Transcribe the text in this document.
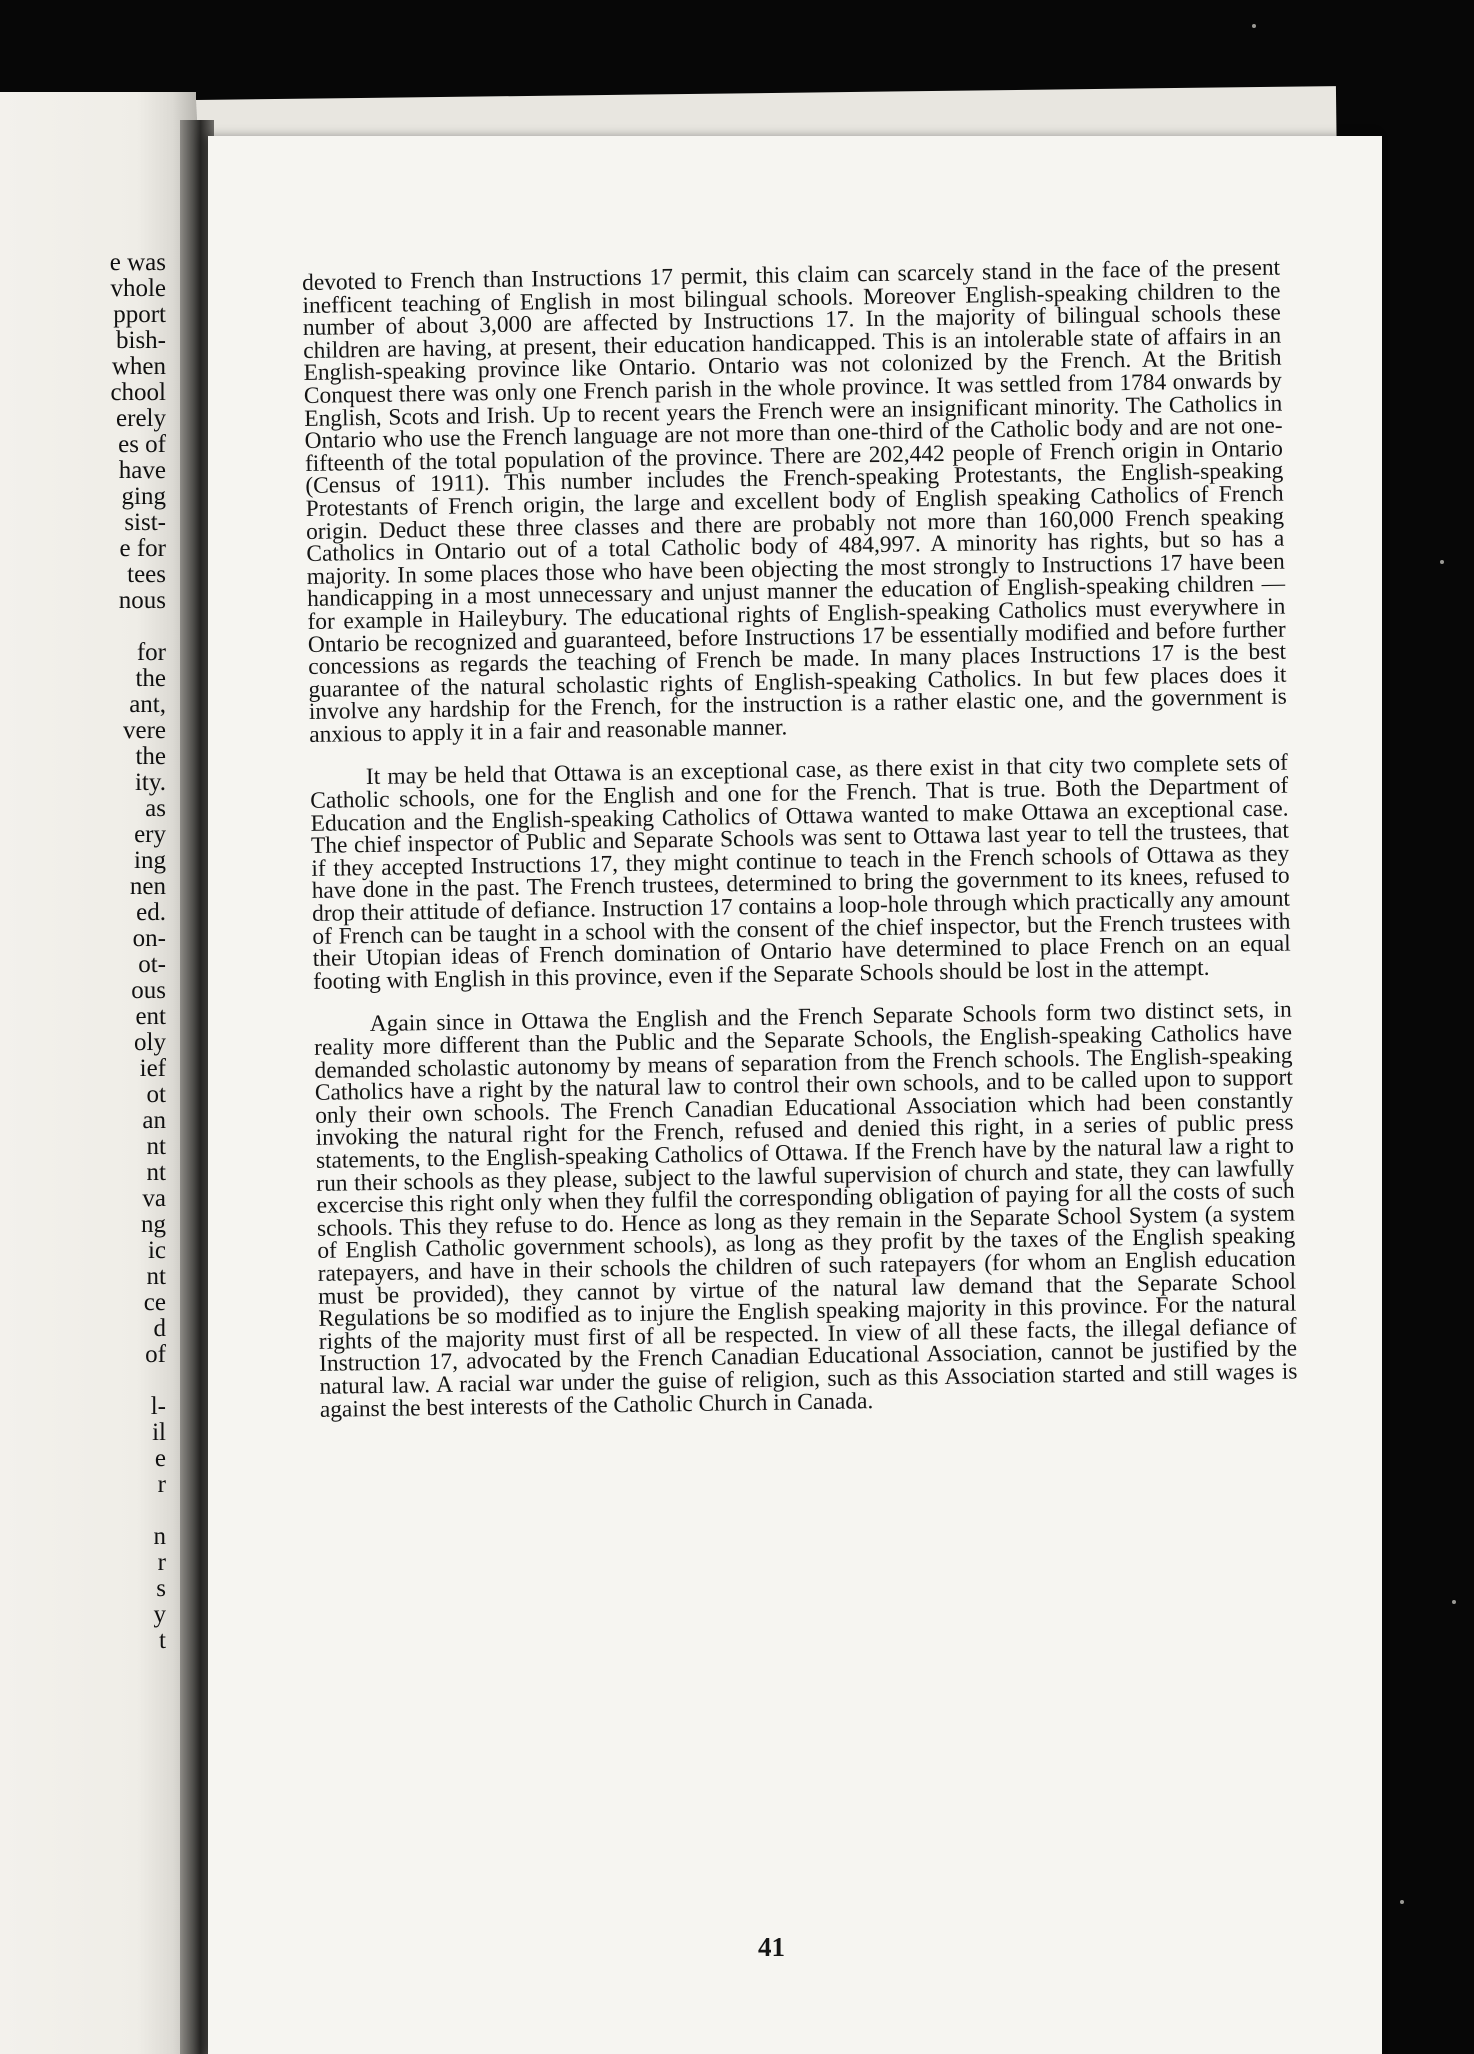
e was
vhole
pport
bish-
when
chool
erely
es of
have
ging
sist-
e for
tees
nous
for
the
ant,
vere
the
ity.
as
ery
ing
nen
ed.
on-
ot-
ous
ent
oly
ief
ot
an
nt
nt
va
ng
ic
nt
ce
d
of
l-
il
e
r
n
r
s
y
t

devoted to French than Instructions 17 permit, this claim can scarcely stand in the face of the present inefficent teaching of English in most bilingual schools. Moreover English-speaking children to the number of about 3,000 are affected by Instructions 17. In the majority of bilingual schools these children are having, at present, their education handicapped. This is an intolerable state of affairs in an English-speaking province like Ontario. Ontario was not colonized by the French. At the British Conquest there was only one French parish in the whole province. It was settled from 1784 onwards by English, Scots and Irish. Up to recent years the French were an insignificant minority. The Catholics in Ontario who use the French language are not more than one-third of the Catholic body and are not one-fifteenth of the total population of the province. There are 202,442 people of French origin in Ontario (Census of 1911). This number includes the French-speaking Protestants, the English-speaking Protestants of French origin, the large and excellent body of English speaking Catholics of French origin. Deduct these three classes and there are probably not more than 160,000 French speaking Catholics in Ontario out of a total Catholic body of 484,997. A minority has rights, but so has a majority. In some places those who have been objecting the most strongly to Instructions 17 have been handicapping in a most unnecessary and unjust manner the education of English-speaking children —for example in Haileybury. The educational rights of English-speaking Catholics must everywhere in Ontario be recognized and guaranteed, before Instructions 17 be essentially modified and before further concessions as regards the teaching of French be made. In many places Instructions 17 is the best guarantee of the natural scholastic rights of English-speaking Catholics. In but few places does it involve any hardship for the French, for the instruction is a rather elastic one, and the government is anxious to apply it in a fair and reasonable manner.

It may be held that Ottawa is an exceptional case, as there exist in that city two complete sets of Catholic schools, one for the English and one for the French. That is true. Both the Department of Education and the English-speaking Catholics of Ottawa wanted to make Ottawa an exceptional case. The chief inspector of Public and Separate Schools was sent to Ottawa last year to tell the trustees, that if they accepted Instructions 17, they might continue to teach in the French schools of Ottawa as they have done in the past. The French trustees, determined to bring the government to its knees, refused to drop their attitude of defiance. Instruction 17 contains a loop-hole through which practically any amount of French can be taught in a school with the consent of the chief inspector, but the French trustees with their Utopian ideas of French domination of Ontario have determined to place French on an equal footing with English in this province, even if the Separate Schools should be lost in the attempt.

Again since in Ottawa the English and the French Separate Schools form two distinct sets, in reality more different than the Public and the Separate Schools, the English-speaking Catholics have demanded scholastic autonomy by means of separation from the French schools. The English-speaking Catholics have a right by the natural law to control their own schools, and to be called upon to support only their own schools. The French Canadian Educational Association which had been constantly invoking the natural right for the French, refused and denied this right, in a series of public press statements, to the English-speaking Catholics of Ottawa. If the French have by the natural law a right to run their schools as they please, subject to the lawful supervision of church and state, they can lawfully excercise this right only when they fulfil the corresponding obligation of paying for all the costs of such schools. This they refuse to do. Hence as long as they remain in the Separate School System (a system of English Catholic government schools), as long as they profit by the taxes of the English speaking ratepayers, and have in their schools the children of such ratepayers (for whom an English education must be provided), they cannot by virtue of the natural law demand that the Separate School Regulations be so modified as to injure the English speaking majority in this province. For the natural rights of the majority must first of all be respected. In view of all these facts, the illegal defiance of Instruction 17, advocated by the French Canadian Educational Association, cannot be justified by the natural law. A racial war under the guise of religion, such as this Association started and still wages is against the best interests of the Catholic Church in Canada.

41
